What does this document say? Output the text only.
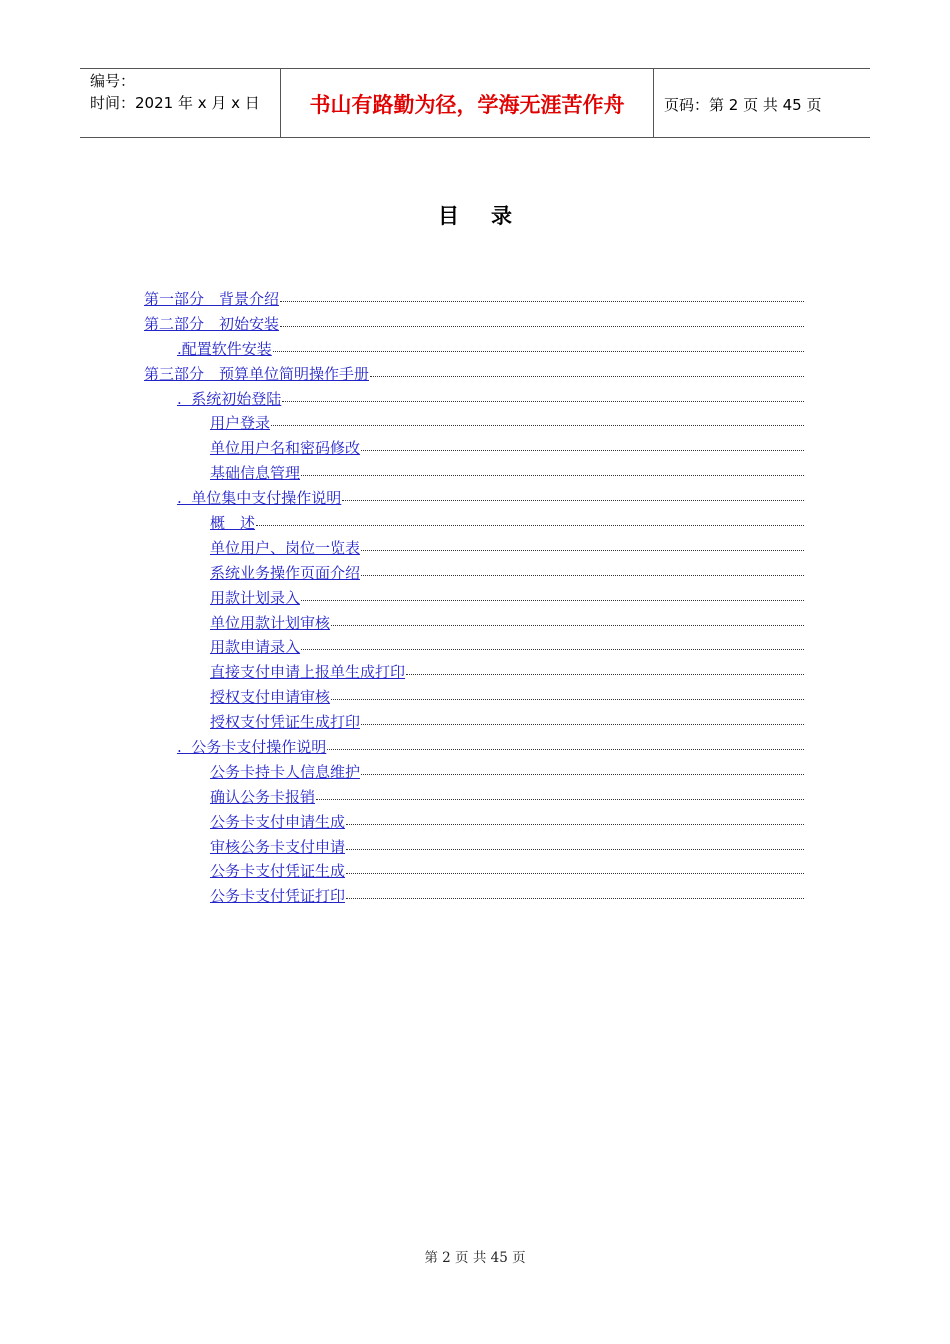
编号：
时间：2021 年 x 月 x 日	书山有路勤为径，学海无涯苦作舟	页码：第 2 页 共 45 页
目录
第一部分　背景介绍
第二部分　初始安装
.配置软件安装
第三部分　预算单位简明操作手册
.  系统初始登陆
用户登录
单位用户名和密码修改
基础信息管理
.  单位集中支付操作说明
概　述
单位用户、岗位一览表
系统业务操作页面介绍
用款计划录入
单位用款计划审核
用款申请录入
直接支付申请上报单生成打印
授权支付申请审核
授权支付凭证生成打印
.  公务卡支付操作说明
公务卡持卡人信息维护
确认公务卡报销
公务卡支付申请生成
审核公务卡支付申请
公务卡支付凭证生成
公务卡支付凭证打印
第 2 页 共 45 页
